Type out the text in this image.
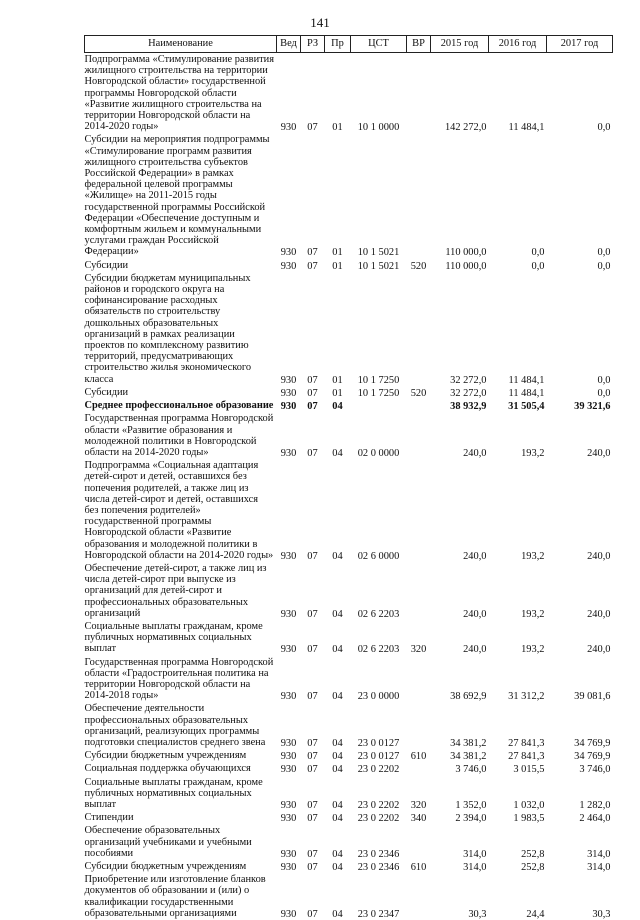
141
Наименование	Вед	РЗ	Пр	ЦСТ	ВР	2015 год	2016 год	2017 год
Подпрограмма «Стимулирование развития жилищного строительства на территории Новгородской области» государственной программы Новгородской области «Развитие жилищного строительства на территории Новгородской области на 2014-2020 годы»	930	07	01	10 1 0000		142 272,0	11 484,1	0,0
Субсидии на мероприятия подпрограммы «Стимулирование программ развития жилищного строительства субъектов Российской Федерации» в рамках федеральной целевой программы «Жилище» на 2011-2015 годы государственной программы Российской Федерации «Обеспечение доступным и комфортным жильем и коммунальными услугами граждан Российской Федерации»	930	07	01	10 1 5021		110 000,0	0,0	0,0
Субсидии	930	07	01	10 1 5021	520	110 000,0	0,0	0,0
Субсидии бюджетам муниципальных районов и городского округа на софинансирование расходных обязательств по строительству дошкольных образовательных организаций в рамках реализации проектов по комплексному развитию территорий, предусматривающих строительство жилья экономического класса	930	07	01	10 1 7250		32 272,0	11 484,1	0,0
Субсидии	930	07	01	10 1 7250	520	32 272,0	11 484,1	0,0
Среднее профессиональное образование	930	07	04			38 932,9	31 505,4	39 321,6
Государственная программа Новгородской области «Развитие образования и молодежной политики в Новгородской области на 2014-2020 годы»	930	07	04	02 0 0000		240,0	193,2	240,0
Подпрограмма «Социальная адаптация детей-сирот и детей, оставшихся без попечения родителей, а также лиц из числа детей-сирот и детей, оставшихся без попечения родителей» государственной программы Новгородской области «Развитие образования и молодежной политики в Новгородской области на 2014-2020 годы»	930	07	04	02 6 0000		240,0	193,2	240,0
Обеспечение детей-сирот, а также лиц из числа детей-сирот при выпуске из организаций для детей-сирот и профессиональных образовательных организаций	930	07	04	02 6 2203		240,0	193,2	240,0
Социальные выплаты гражданам, кроме публичных нормативных социальных выплат	930	07	04	02 6 2203	320	240,0	193,2	240,0
Государственная программа Новгородской области «Градостроительная политика на территории Новгородской области на 2014-2018 годы»	930	07	04	23 0 0000		38 692,9	31 312,2	39 081,6
Обеспечение деятельности профессиональных образовательных организаций, реализующих программы подготовки специалистов среднего звена	930	07	04	23 0 0127		34 381,2	27 841,3	34 769,9
Субсидии бюджетным учреждениям	930	07	04	23 0 0127	610	34 381,2	27 841,3	34 769,9
Социальная поддержка обучающихся	930	07	04	23 0 2202		3 746,0	3 015,5	3 746,0
Социальные выплаты гражданам, кроме публичных нормативных социальных выплат	930	07	04	23 0 2202	320	1 352,0	1 032,0	1 282,0
Стипендии	930	07	04	23 0 2202	340	2 394,0	1 983,5	2 464,0
Обеспечение образовательных организаций учебниками и учебными пособиями	930	07	04	23 0 2346		314,0	252,8	314,0
Субсидии бюджетным учреждениям	930	07	04	23 0 2346	610	314,0	252,8	314,0
Приобретение или изготовление бланков документов об образовании и (или) о квалификации государственными образовательными организациями	930	07	04	23 0 2347		30,3	24,4	30,3
